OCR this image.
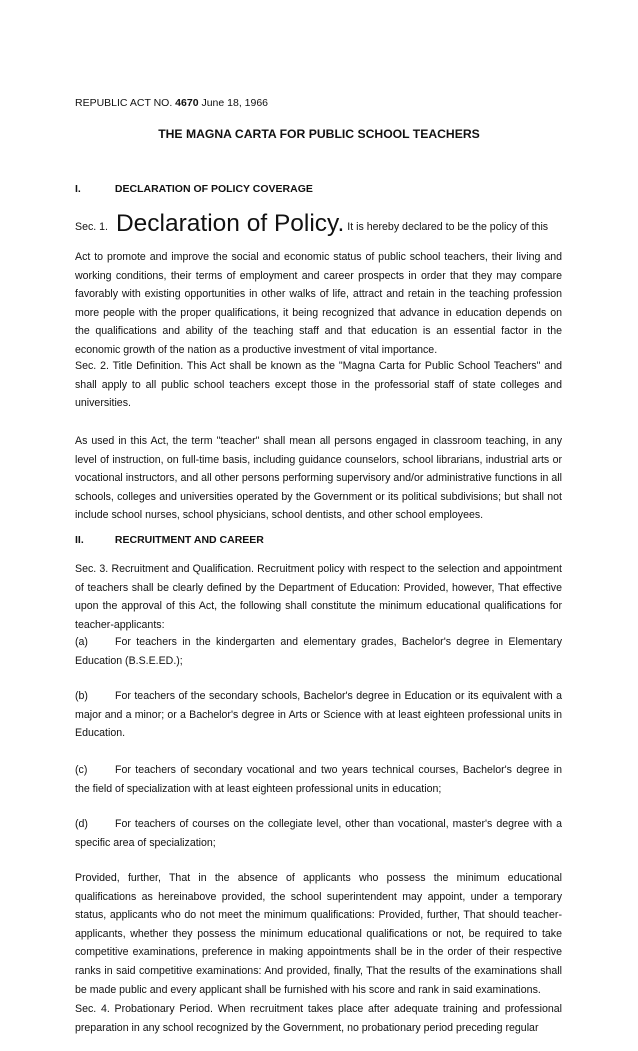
REPUBLIC ACT NO. 4670 June 18, 1966
THE MAGNA CARTA FOR PUBLIC SCHOOL TEACHERS
I.	DECLARATION OF POLICY COVERAGE
Sec. 1. Declaration of Policy. It is hereby declared to be the policy of this

Act to promote and improve the social and economic status of public school teachers, their living and working conditions, their terms of employment and career prospects in order that they may compare favorably with existing opportunities in other walks of life, attract and retain in the teaching profession more people with the proper qualifications, it being recognized that advance in education depends on the qualifications and ability of the teaching staff and that education is an essential factor in the economic growth of the nation as a productive investment of vital importance.

Sec. 2. Title Definition. This Act shall be known as the "Magna Carta for Public School Teachers" and shall apply to all public school teachers except those in the professorial staff of state colleges and universities.

As used in this Act, the term "teacher" shall mean all persons engaged in classroom teaching, in any level of instruction, on full-time basis, including guidance counselors, school librarians, industrial arts or vocational instructors, and all other persons performing supervisory and/or administrative functions in all schools, colleges and universities operated by the Government or its political subdivisions; but shall not include school nurses, school physicians, school dentists, and other school employees.

II.	RECRUITMENT AND CAREER

Sec. 3. Recruitment and Qualification. Recruitment policy with respect to the selection and appointment of teachers shall be clearly defined by the Department of Education: Provided, however, That effective upon the approval of this Act, the following shall constitute the minimum educational qualifications for teacher-applicants:

(a)	For teachers in the kindergarten and elementary grades, Bachelor's degree in Elementary Education (B.S.E.ED.);

(b)	For teachers of the secondary schools, Bachelor's degree in Education or its equivalent with a major and a minor; or a Bachelor's degree in Arts or Science with at least eighteen professional units in Education.

(c)	For teachers of secondary vocational and two years technical courses, Bachelor's degree in the field of specialization with at least eighteen professional units in education;

(d)	For teachers of courses on the collegiate level, other than vocational, master's degree with a specific area of specialization;

Provided, further, That in the absence of applicants who possess the minimum educational qualifications as hereinabove provided, the school superintendent may appoint, under a temporary status, applicants who do not meet the minimum qualifications: Provided, further, That should teacher-applicants, whether they possess the minimum educational qualifications or not, be required to take competitive examinations, preference in making appointments shall be in the order of their respective ranks in said competitive examinations: And provided, finally, That the results of the examinations shall be made public and every applicant shall be furnished with his score and rank in said examinations.

Sec. 4. Probationary Period. When recruitment takes place after adequate training and professional preparation in any school recognized by the Government, no probationary period preceding regular
